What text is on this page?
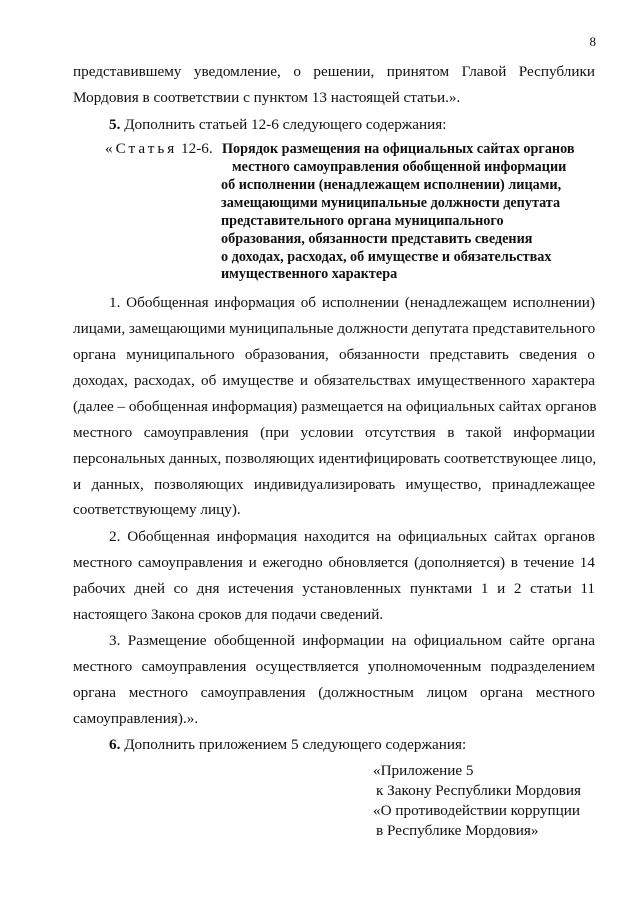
8
представившему уведомление, о решении, принятом Главой Республики
Мордовия в соответствии с пунктом 13 настоящей статьи.».
5. Дополнить статьей 12-6 следующего содержания:
«Статья 12-6. Порядок размещения на официальных сайтах органов
местного самоуправления обобщенной информации
об исполнении (ненадлежащем исполнении) лицами,
замещающими муниципальные должности депутата
представительного органа муниципального
образования, обязанности представить сведения
о доходах, расходах, об имуществе и обязательствах
имущественного характера
1. Обобщенная информация об исполнении (ненадлежащем исполнении)
лицами, замещающими муниципальные должности депутата представительного
органа муниципального образования, обязанности представить сведения о
доходах, расходах, об имуществе и обязательствах имущественного характера
(далее – обобщенная информация) размещается на официальных сайтах органов
местного самоуправления (при условии отсутствия в такой информации
персональных данных, позволяющих идентифицировать соответствующее лицо,
и данных, позволяющих индивидуализировать имущество, принадлежащее
соответствующему лицу).
2. Обобщенная информация находится на официальных сайтах органов
местного самоуправления и ежегодно обновляется (дополняется) в течение 14
рабочих дней со дня истечения установленных пунктами 1 и 2 статьи 11
настоящего Закона сроков для подачи сведений.
3. Размещение обобщенной информации на официальном сайте органа
местного самоуправления осуществляется уполномоченным подразделением
органа местного самоуправления (должностным лицом органа местного
самоуправления).».
6. Дополнить приложением 5 следующего содержания:
«Приложение 5
к Закону Республики Мордовия
«О противодействии коррупции
в Республике Мордовия»
